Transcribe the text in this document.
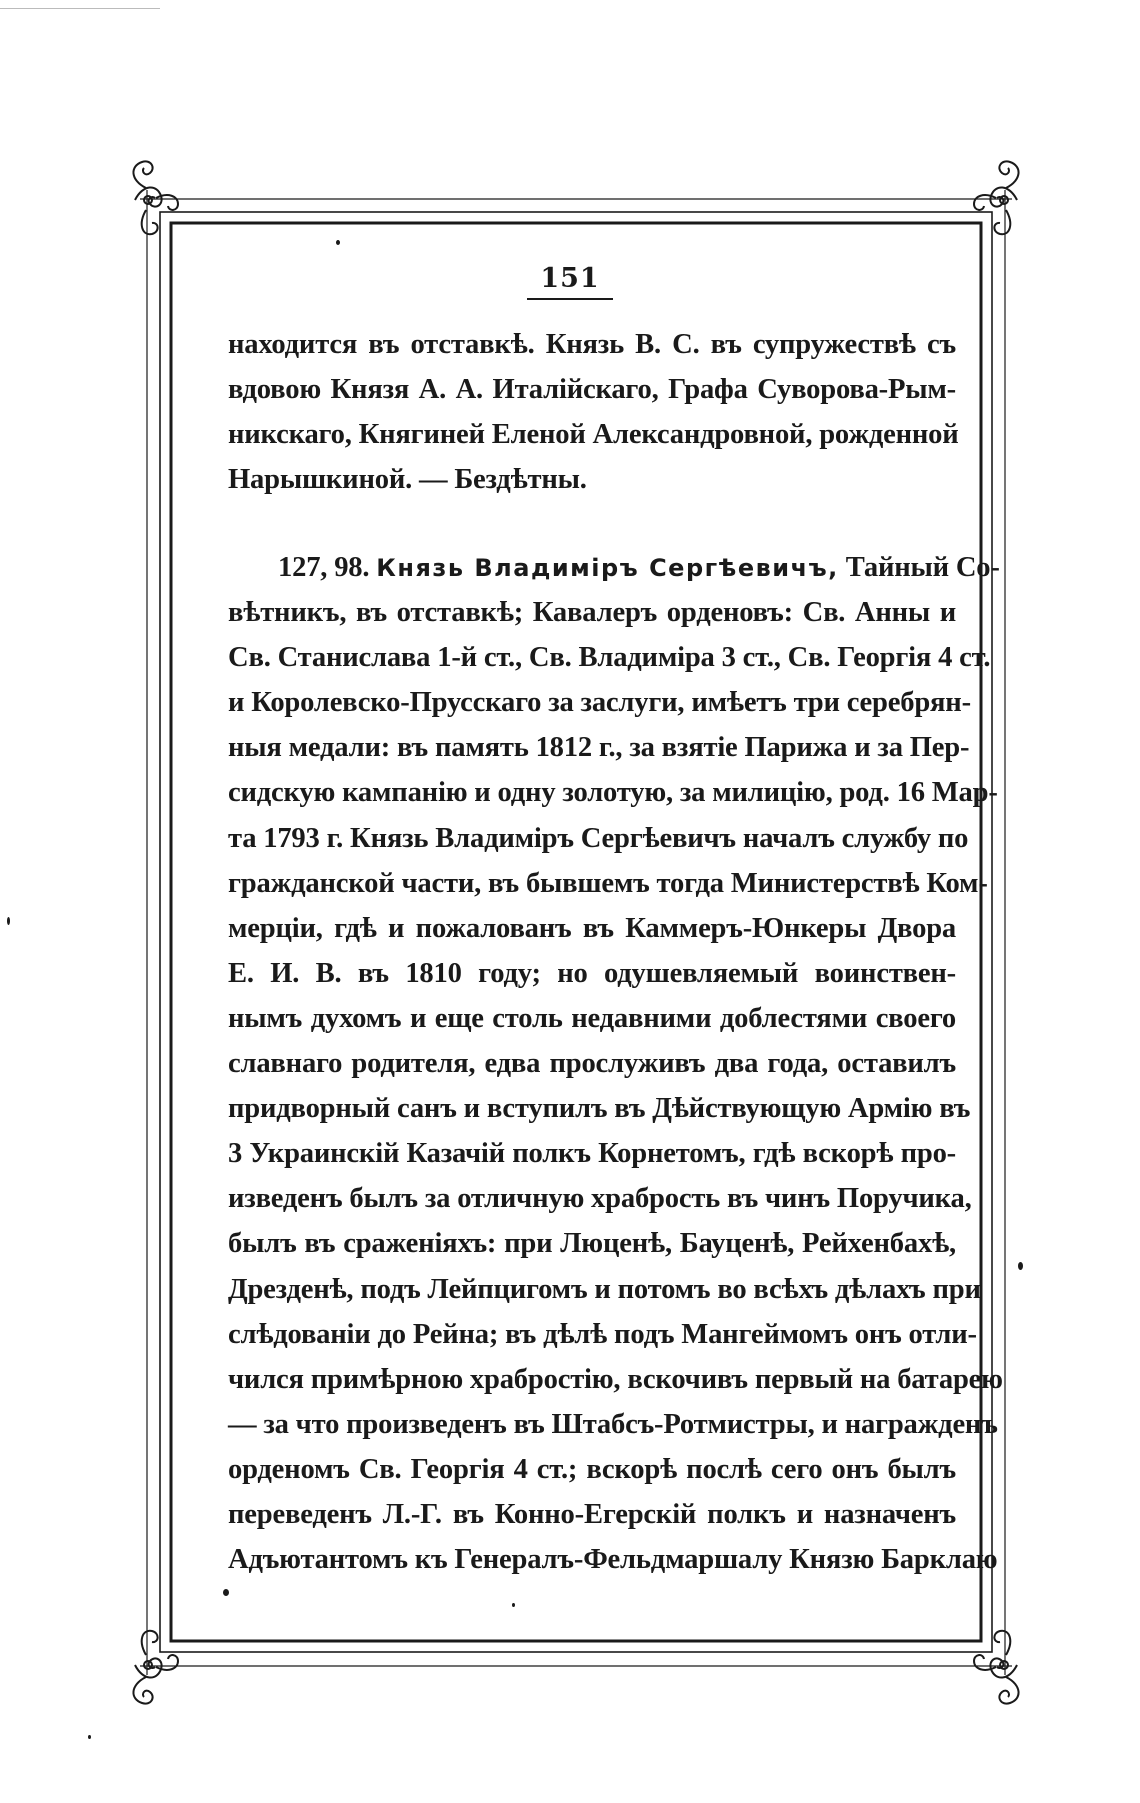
151
находится въ отставкѣ. Князь В. С. въ супружествѣ съ
вдовою Князя А. А. Италійскаго, Графа Суворова-Рым-
никскаго, Княгиней Еленой Александровной, рожденной
Нарышкиной. — Бездѣтны.
127, 98. Князь Владиміръ Сергѣевичъ, Тайный Со-
вѣтникъ, въ отставкѣ; Кавалеръ орденовъ: Св. Анны и
Св. Станислава 1-й ст., Св. Владиміра 3 ст., Св. Георгія 4 ст.
и Королевско-Прусскаго за заслуги, имѣетъ три серебрян-
ныя медали: въ память 1812 г., за взятіе Парижа и за Пер-
сидскую кампанію и одну золотую, за милицію, род. 16 Мар-
та 1793 г. Князь Владиміръ Сергѣевичъ началъ службу по
гражданской части, въ бывшемъ тогда Министерствѣ Ком-
мерціи, гдѣ и пожалованъ въ Каммеръ-Юнкеры Двора
Е. И. В. въ 1810 году; но одушевляемый воинствен-
нымъ духомъ и еще столь недавними доблестями своего
славнаго родителя, едва прослуживъ два года, оставилъ
придворный санъ и вступилъ въ Дѣйствующую Армію въ
3 Украинскій Казачій полкъ Корнетомъ, гдѣ вскорѣ про-
изведенъ былъ за отличную храбрость въ чинъ Поручика,
былъ въ сраженіяхъ: при Люценѣ, Бауценѣ, Рейхенбахѣ,
Дрезденѣ, подъ Лейпцигомъ и потомъ во всѣхъ дѣлахъ при
слѣдованіи до Рейна; въ дѣлѣ подъ Мангеймомъ онъ отли-
чился примѣрною храбростію, вскочивъ первый на батарею
— за что произведенъ въ Штабсъ-Ротмистры, и награжденъ
орденомъ Св. Георгія 4 ст.; вскорѣ послѣ сего онъ былъ
переведенъ Л.-Г. въ Конно-Егерскій полкъ и назначенъ
Адъютантомъ къ Генералъ-Фельдмаршалу Князю Барклаю
